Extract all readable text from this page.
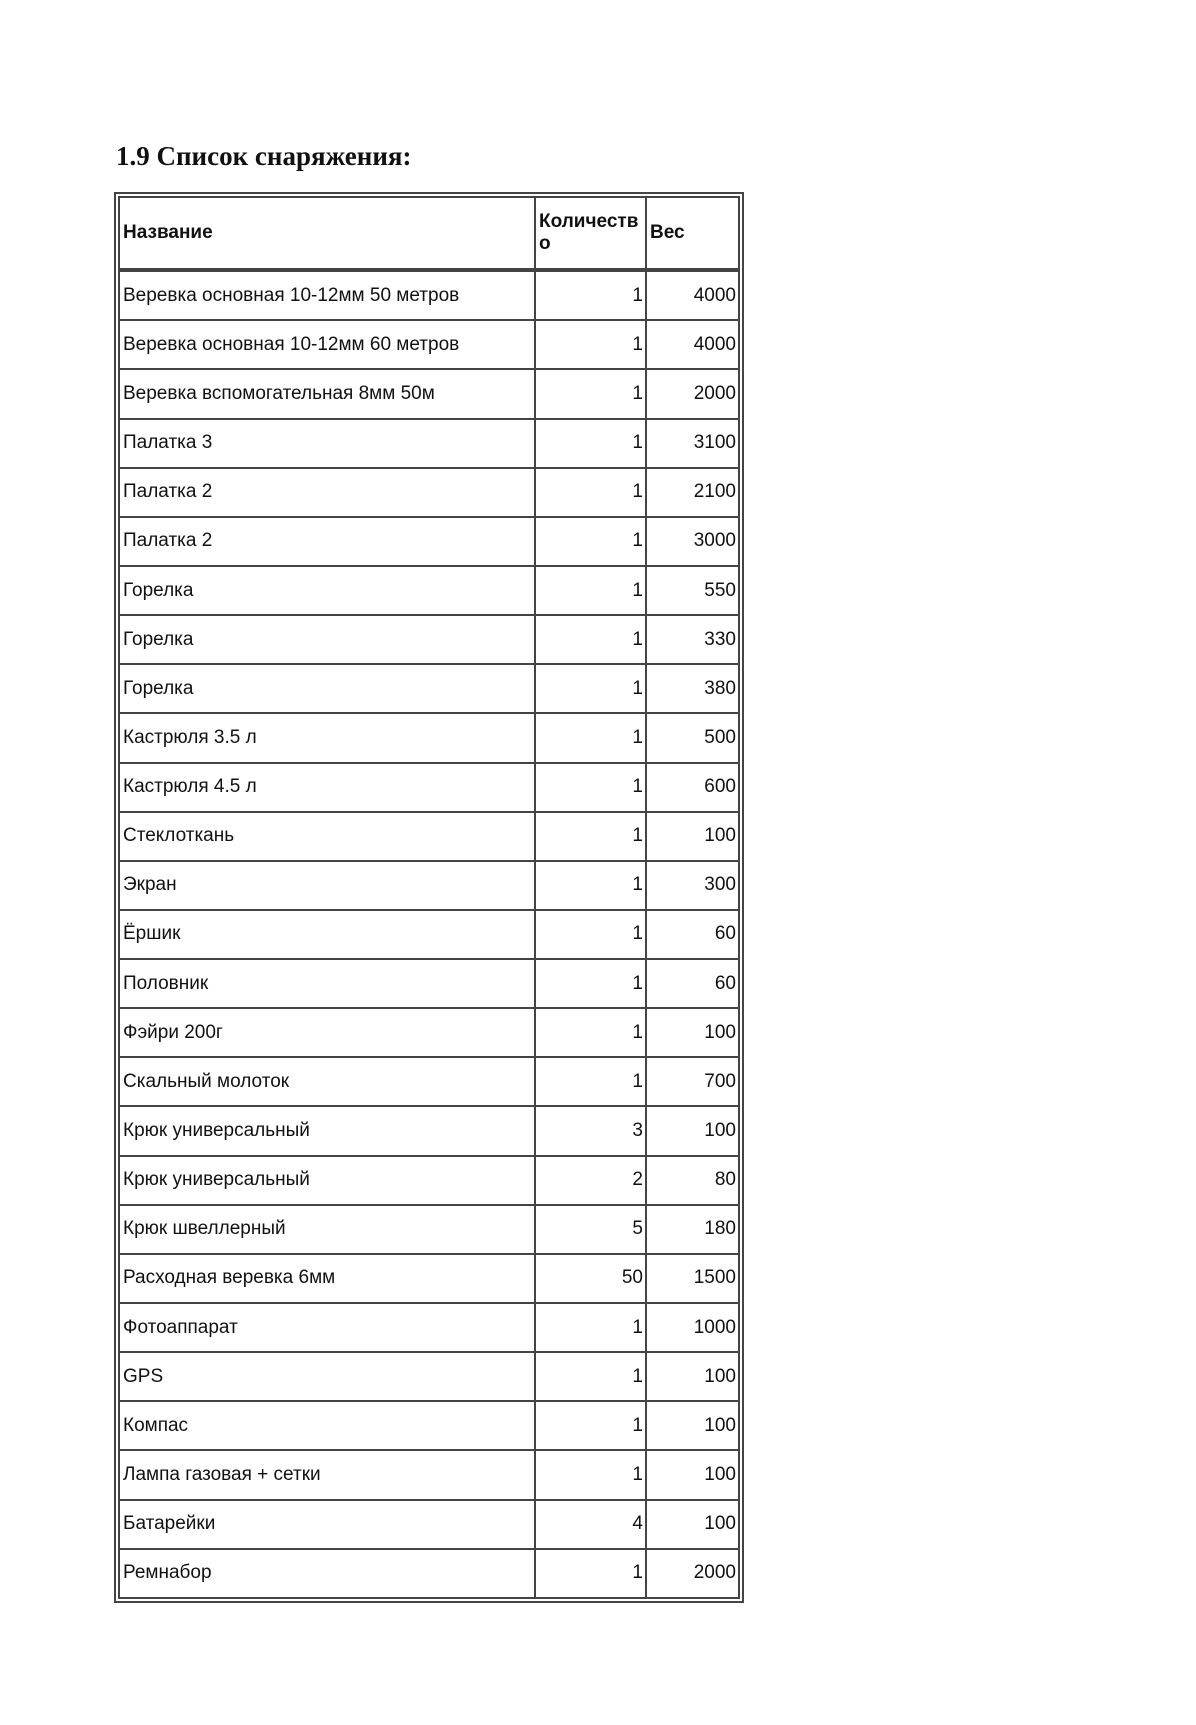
1.9 Список снаряжения:
Название	Количество	Вес
Веревка основная 10-12мм 50 метров	1	4000
Веревка основная 10-12мм 60 метров	1	4000
Веревка вспомогательная 8мм 50м	1	2000
Палатка 3	1	3100
Палатка 2	1	2100
Палатка 2	1	3000
Горелка	1	550
Горелка	1	330
Горелка	1	380
Кастрюля 3.5 л	1	500
Кастрюля 4.5 л	1	600
Стеклоткань	1	100
Экран	1	300
Ёршик	1	60
Половник	1	60
Фэйри 200г	1	100
Скальный молоток	1	700
Крюк универсальный	3	100
Крюк универсальный	2	80
Крюк швеллерный	5	180
Расходная веревка 6мм	50	1500
Фотоаппарат	1	1000
GPS	1	100
Компас	1	100
Лампа газовая + сетки	1	100
Батарейки	4	100
Ремнабор	1	2000
